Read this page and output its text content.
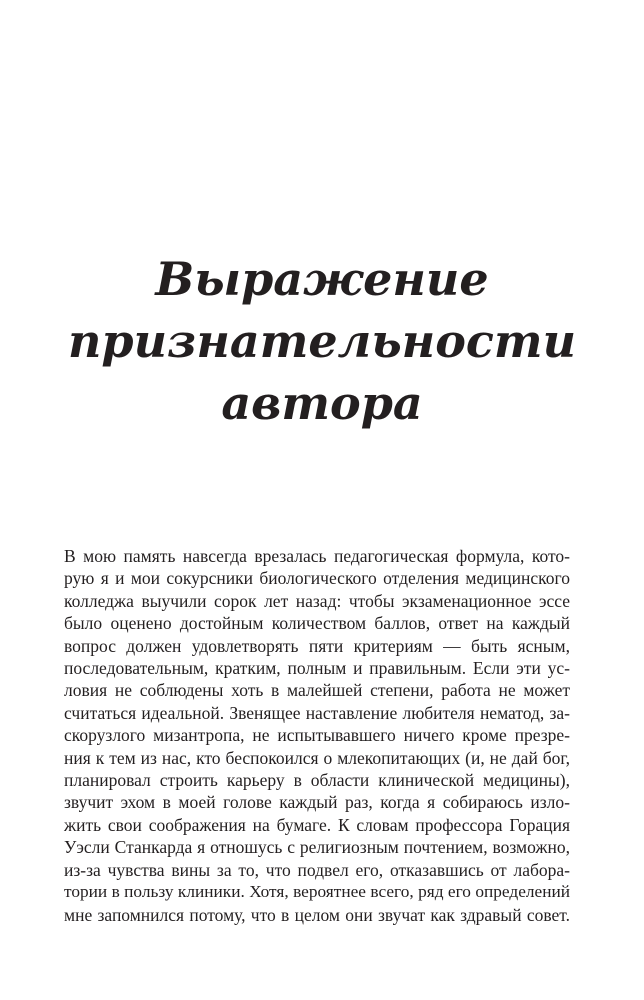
Выражение
признательности
автора
В мою память навсегда врезалась педагогическая формула, кото-
рую я и мои сокурсники биологического отделения медицинского
колледжа выучили сорок лет назад: чтобы экзаменационное эссе
было оценено достойным количеством баллов, ответ на каждый
вопрос должен удовлетворять пяти критериям — быть ясным,
последовательным, кратким, полным и правильным. Если эти ус-
ловия не соблюдены хоть в малейшей степени, работа не может
считаться идеальной. Звенящее наставление любителя нематод, за-
скорузлого мизантропа, не испытывавшего ничего кроме презре-
ния к тем из нас, кто беспокоился о млекопитающих (и, не дай бог,
планировал строить карьеру в области клинической медицины),
звучит эхом в моей голове каждый раз, когда я собираюсь изло-
жить свои соображения на бумаге. К словам профессора Горация
Уэсли Станкарда я отношусь с религиозным почтением, возможно,
из-за чувства вины за то, что подвел его, отказавшись от лабора-
тории в пользу клиники. Хотя, вероятнее всего, ряд его определений
мне запомнился потому, что в целом они звучат как здравый совет.
